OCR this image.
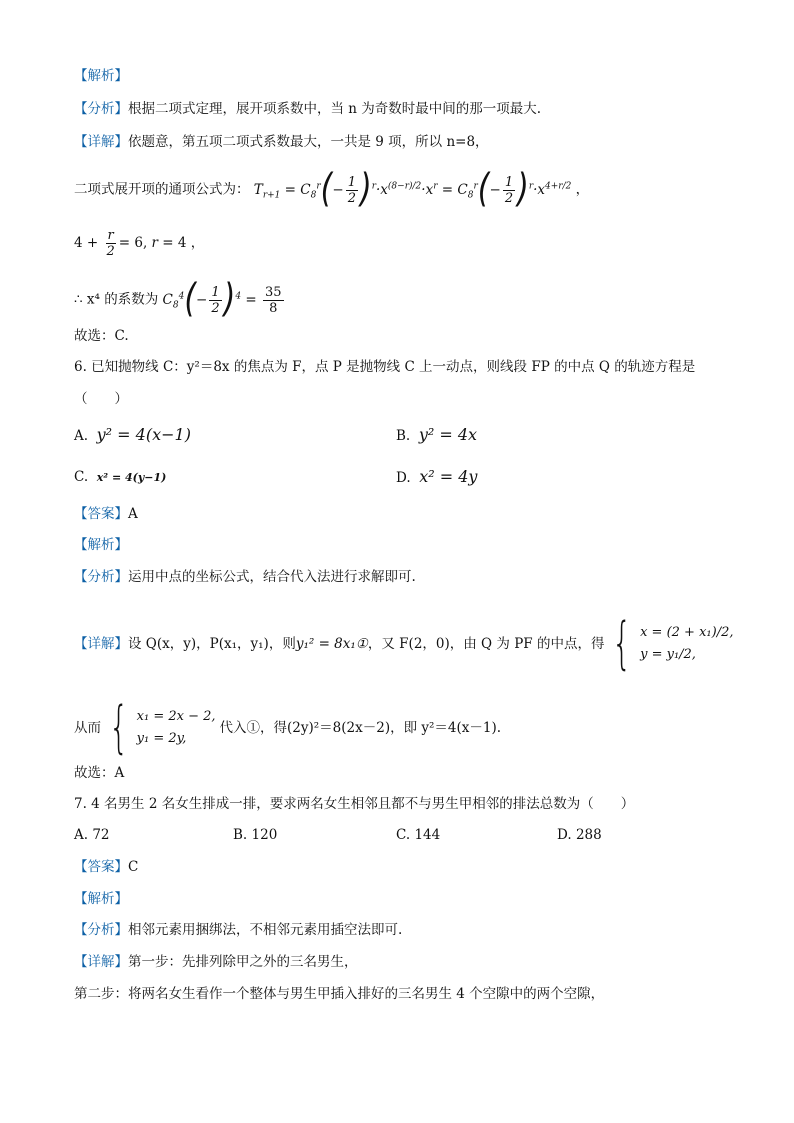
【解析】
【分析】根据二项式定理，展开项系数中，当 n 为奇数时最中间的那一项最大.
【详解】依题意，第五项二项式系数最大，一共是 9 项，所以 n=8，
二项式展开项的通项公式为： $T_{r+1} = C_8^r(- \frac{1}{2} )^r\cdot x^{(8-r)/2}\cdot x^r = C_8^r(- \frac{1}{2} )^r\cdot x^{4+r/2}$ ，
$4 + \frac{r}{2} = 6$, r = 4 ，
∴ x⁴ 的系数为 $C_8^4(- \frac{1}{2} )^4 = \frac{35}{8}$
故选：C.
6. 已知抛物线 C：y²＝8x 的焦点为 F，点 P 是抛物线 C 上一动点，则线段 FP 的中点 Q 的轨迹方程是
（　　）
A. y² = 4(x−1)	B. y² = 4x
C. x² = 4(y−1)	D. x² = 4y
【答案】A
【解析】
【分析】运用中点的坐标公式，结合代入法进行求解即可.
【 详解 】 设 Q(x，y)，P(x₁，y₁)，则 y₁² = 8x₁① ，又 F(2，0)，由 Q 为 PF 的中点，得 { x = (2 + x₁)/2,
y = y₁/2,
从而 { x₁ = 2x − 2,
y₁ = 2y,
代入①，得(2y)²＝8(2x－2)，即 y²＝4(x－1).
故选：A
7. 4 名男生 2 名女生排成一排，要求两名女生相邻且都不与男生甲相邻的排法总数为（　　）
A. 72	B. 120	C. 144	D. 288
【答案】C
【解析】
【分析】相邻元素用捆绑法，不相邻元素用插空法即可.
【详解】第一步：先排列除甲之外的三名男生，
第二步：将两名女生看作一个整体与男生甲插入排好的三名男生 4 个空隙中的两个空隙，
